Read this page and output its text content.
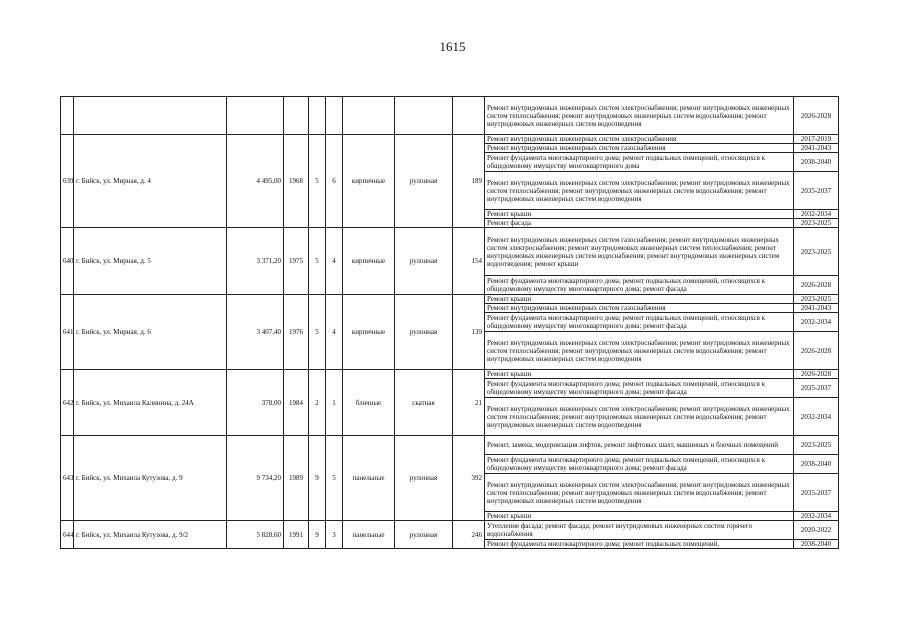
1615
									Ремонт внутридомовых инженерных систем электроснабжения; ремонт внутридомовых инженерных систем теплоснабжения; ремонт внутридомовых инженерных систем водоснабжения; ремонт внутридомовых инженерных систем водоотведения	2026-2028
639	г. Бийск, ул. Мирная, д. 4	4 495,00	1968	5	6	кирпичные	рулонная	189	Ремонт внутридомовых инженерных систем электроснабжения	2017-2019
									Ремонт внутридомовых инженерных систем газоснабжения	2041-2043
									Ремонт фундамента многоквартирного дома; ремонт подвальных помещений, относящихся к общедомовому имуществу многоквартирного дома	2038-2040
									Ремонт внутридомовых инженерных систем электроснабжения; ремонт внутридомовых инженерных систем теплоснабжения; ремонт внутридомовых инженерных систем водоснабжения; ремонт внутридомовых инженерных систем водоотведения	2035-2037
									Ремонт крыши	2032-2034
									Ремонт фасада	2023-2025
640	г. Бийск, ул. Мирная, д. 5	3 371,20	1975	5	4	кирпичные	рулонная	154	Ремонт внутридомовых инженерных систем газоснабжения; ремонт внутридомовых инженерных систем электроснабжения; ремонт внутридомовых инженерных систем теплоснабжения; ремонт внутридомовых инженерных систем водоснабжения; ремонт внутридомовых инженерных систем водоотведения; ремонт крыши	2023-2025
									Ремонт фундамента многоквартирного дома; ремонт подвальных помещений, относящихся к общедомовому имуществу многоквартирного дома; ремонт фасада	2026-2028
641	г. Бийск, ул. Мирная, д. 6	3 407,40	1976	5	4	кирпичные	рулонная	139	Ремонт крыши	2023-2025
									Ремонт внутридомовых инженерных систем газоснабжения	2041-2043
									Ремонт фундамента многоквартирного дома; ремонт подвальных помещений, относящихся к общедомовому имуществу многоквартирного дома; ремонт фасада	2032-2034
									Ремонт внутридомовых инженерных систем электроснабжения; ремонт внутридомовых инженерных систем теплоснабжения; ремонт внутридомовых инженерных систем водоснабжения; ремонт внутридомовых инженерных систем водоотведения	2026-2028
642	г. Бийск, ул. Михаила Калинина, д. 24А	378,00	1984	2	1	блочные	скатная	21	Ремонт крыши	2026-2028
									Ремонт фундамента многоквартирного дома; ремонт подвальных помещений, относящихся к общедомовому имуществу многоквартирного дома; ремонт фасада	2035-2037
									Ремонт внутридомовых инженерных систем электроснабжения; ремонт внутридомовых инженерных систем теплоснабжения; ремонт внутридомовых инженерных систем водоснабжения; ремонт внутридомовых инженерных систем водоотведения	2032-2034
643	г. Бийск, ул. Михаила Кутузова, д. 9	9 734,20	1989	9	5	панельные	рулонная	392	Ремонт, замена, модернизация лифтов, ремонт лифтовых шахт, машинных и блочных помещений	2023-2025
									Ремонт фундамента многоквартирного дома; ремонт подвальных помещений, относящихся к общедомовому имуществу многоквартирного дома; ремонт фасада	2038-2040
									Ремонт внутридомовых инженерных систем электроснабжения; ремонт внутридомовых инженерных систем теплоснабжения; ремонт внутридомовых инженерных систем водоснабжения; ремонт внутридомовых инженерных систем водоотведения	2035-2037
									Ремонт крыши	2032-2034
644	г. Бийск, ул. Михаила Кутузова, д. 9/2	5 828,60	1991	9	3	панельные	рулонная	246	Утепление фасада; ремонт фасада; ремонт внутридомовых инженерных систем горячего водоснабжения	2020-2022
									Ремонт фундамента многоквартирного дома; ремонт подвальных помещений,	2038-2040
